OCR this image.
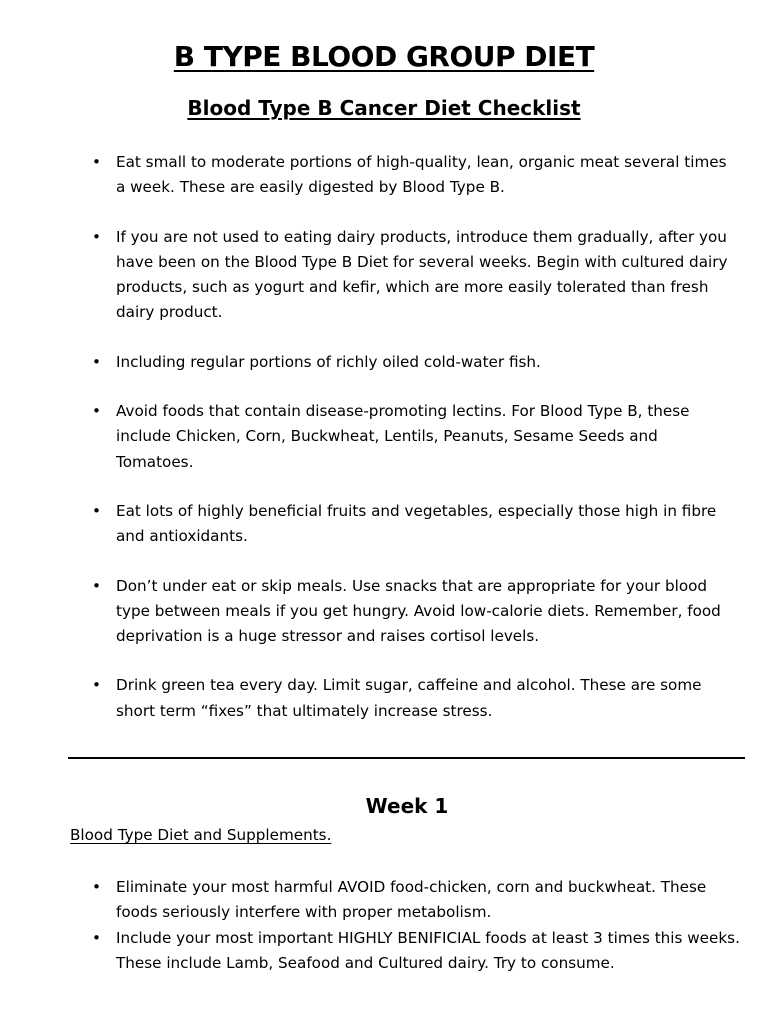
B TYPE BLOOD GROUP DIET
Blood Type B Cancer Diet Checklist
• Eat small to moderate portions of high-quality, lean, organic meat several times a week. These are easily digested by Blood Type B.
• If you are not used to eating dairy products, introduce them gradually, after you have been on the Blood Type B Diet for several weeks. Begin with cultured dairy products, such as yogurt and kefir, which are more easily tolerated than fresh dairy product.
• Including regular portions of richly oiled cold-water fish.
• Avoid foods that contain disease-promoting lectins. For Blood Type B, these include Chicken, Corn, Buckwheat, Lentils, Peanuts, Sesame Seeds and Tomatoes.
• Eat lots of highly beneficial fruits and vegetables, especially those high in fibre and antioxidants.
• Don’t under eat or skip meals. Use snacks that are appropriate for your blood type between meals if you get hungry. Avoid low-calorie diets. Remember, food deprivation is a huge stressor and raises cortisol levels.
• Drink green tea every day. Limit sugar, caffeine and alcohol. These are some short term “fixes” that ultimately increase stress.
Week 1

Blood Type Diet and Supplements.

• Eliminate your most harmful AVOID food-chicken, corn and buckwheat. These foods seriously interfere with proper metabolism.
• Include your most important HIGHLY BENIFICIAL foods at least 3 times this weeks. These include Lamb, Seafood and Cultured dairy. Try to consume.
